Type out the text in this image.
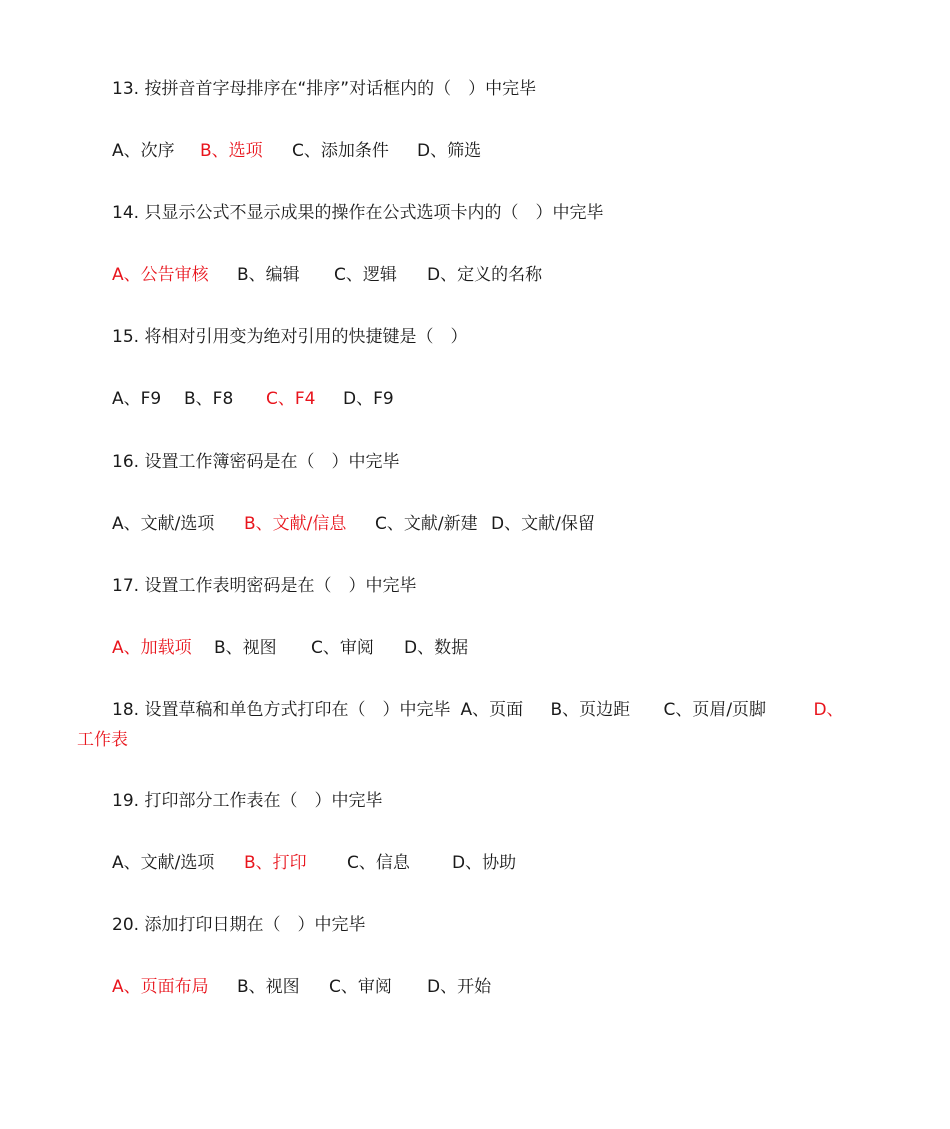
13. 按拼音首字母排序在“排序”对话框内的（　）中完毕
A、次序 B、选项 C、添加条件 D、筛选
14. 只显示公式不显示成果的操作在公式选项卡内的（　）中完毕
A、公告审核 B、编辑 C、逻辑 D、定义的名称
15. 将相对引用变为绝对引用的快捷键是（　）
A、F9 B、F8 C、F4 D、F9
16. 设置工作簿密码是在（　）中完毕
A、文献/选项 B、文献/信息 C、文献/新建 D、文献/保留
17. 设置工作表明密码是在（　）中完毕
A、加载项 B、视图 C、审阅 D、数据
18. 设置草稿和单色方式打印在（　）中完毕 A、页面 B、页边距 C、页眉/页脚	D、
工作表
19. 打印部分工作表在（　）中完毕
A、文献/选项 B、打印 C、信息 D、协助
20. 添加打印日期在（　）中完毕
A、页面布局 B、视图 C、审阅 D、开始
